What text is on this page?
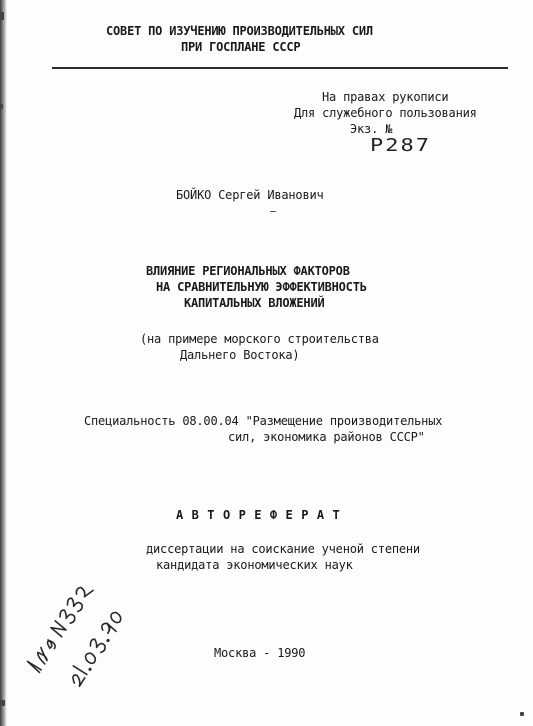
СОВЕТ ПО ИЗУЧЕНИЮ ПРОИЗВОДИТЕЛЬНЫХ СИЛ
ПРИ ГОСПЛАНЕ СССР
На правах рукописи
Для служебного пользования
Экз. №
Р287
БОЙКО Сергей Иванович
ВЛИЯНИЕ РЕГИОНАЛЬНЫХ ФАКТОРОВ
НА СРАВНИТЕЛЬНУЮ ЭФФЕКТИВНОСТЬ
КАПИТАЛЬНЫХ ВЛОЖЕНИЙ
(на примере морского строительства
Дальнего Востока)
Специальность 08.00.04 "Размещение производительных
сил, экономика районов СССР"
А В Т О Р Е Ф Е Р А Т
диссертации на соискание ученой степени
кандидата экономических наук
Москва - 1990
